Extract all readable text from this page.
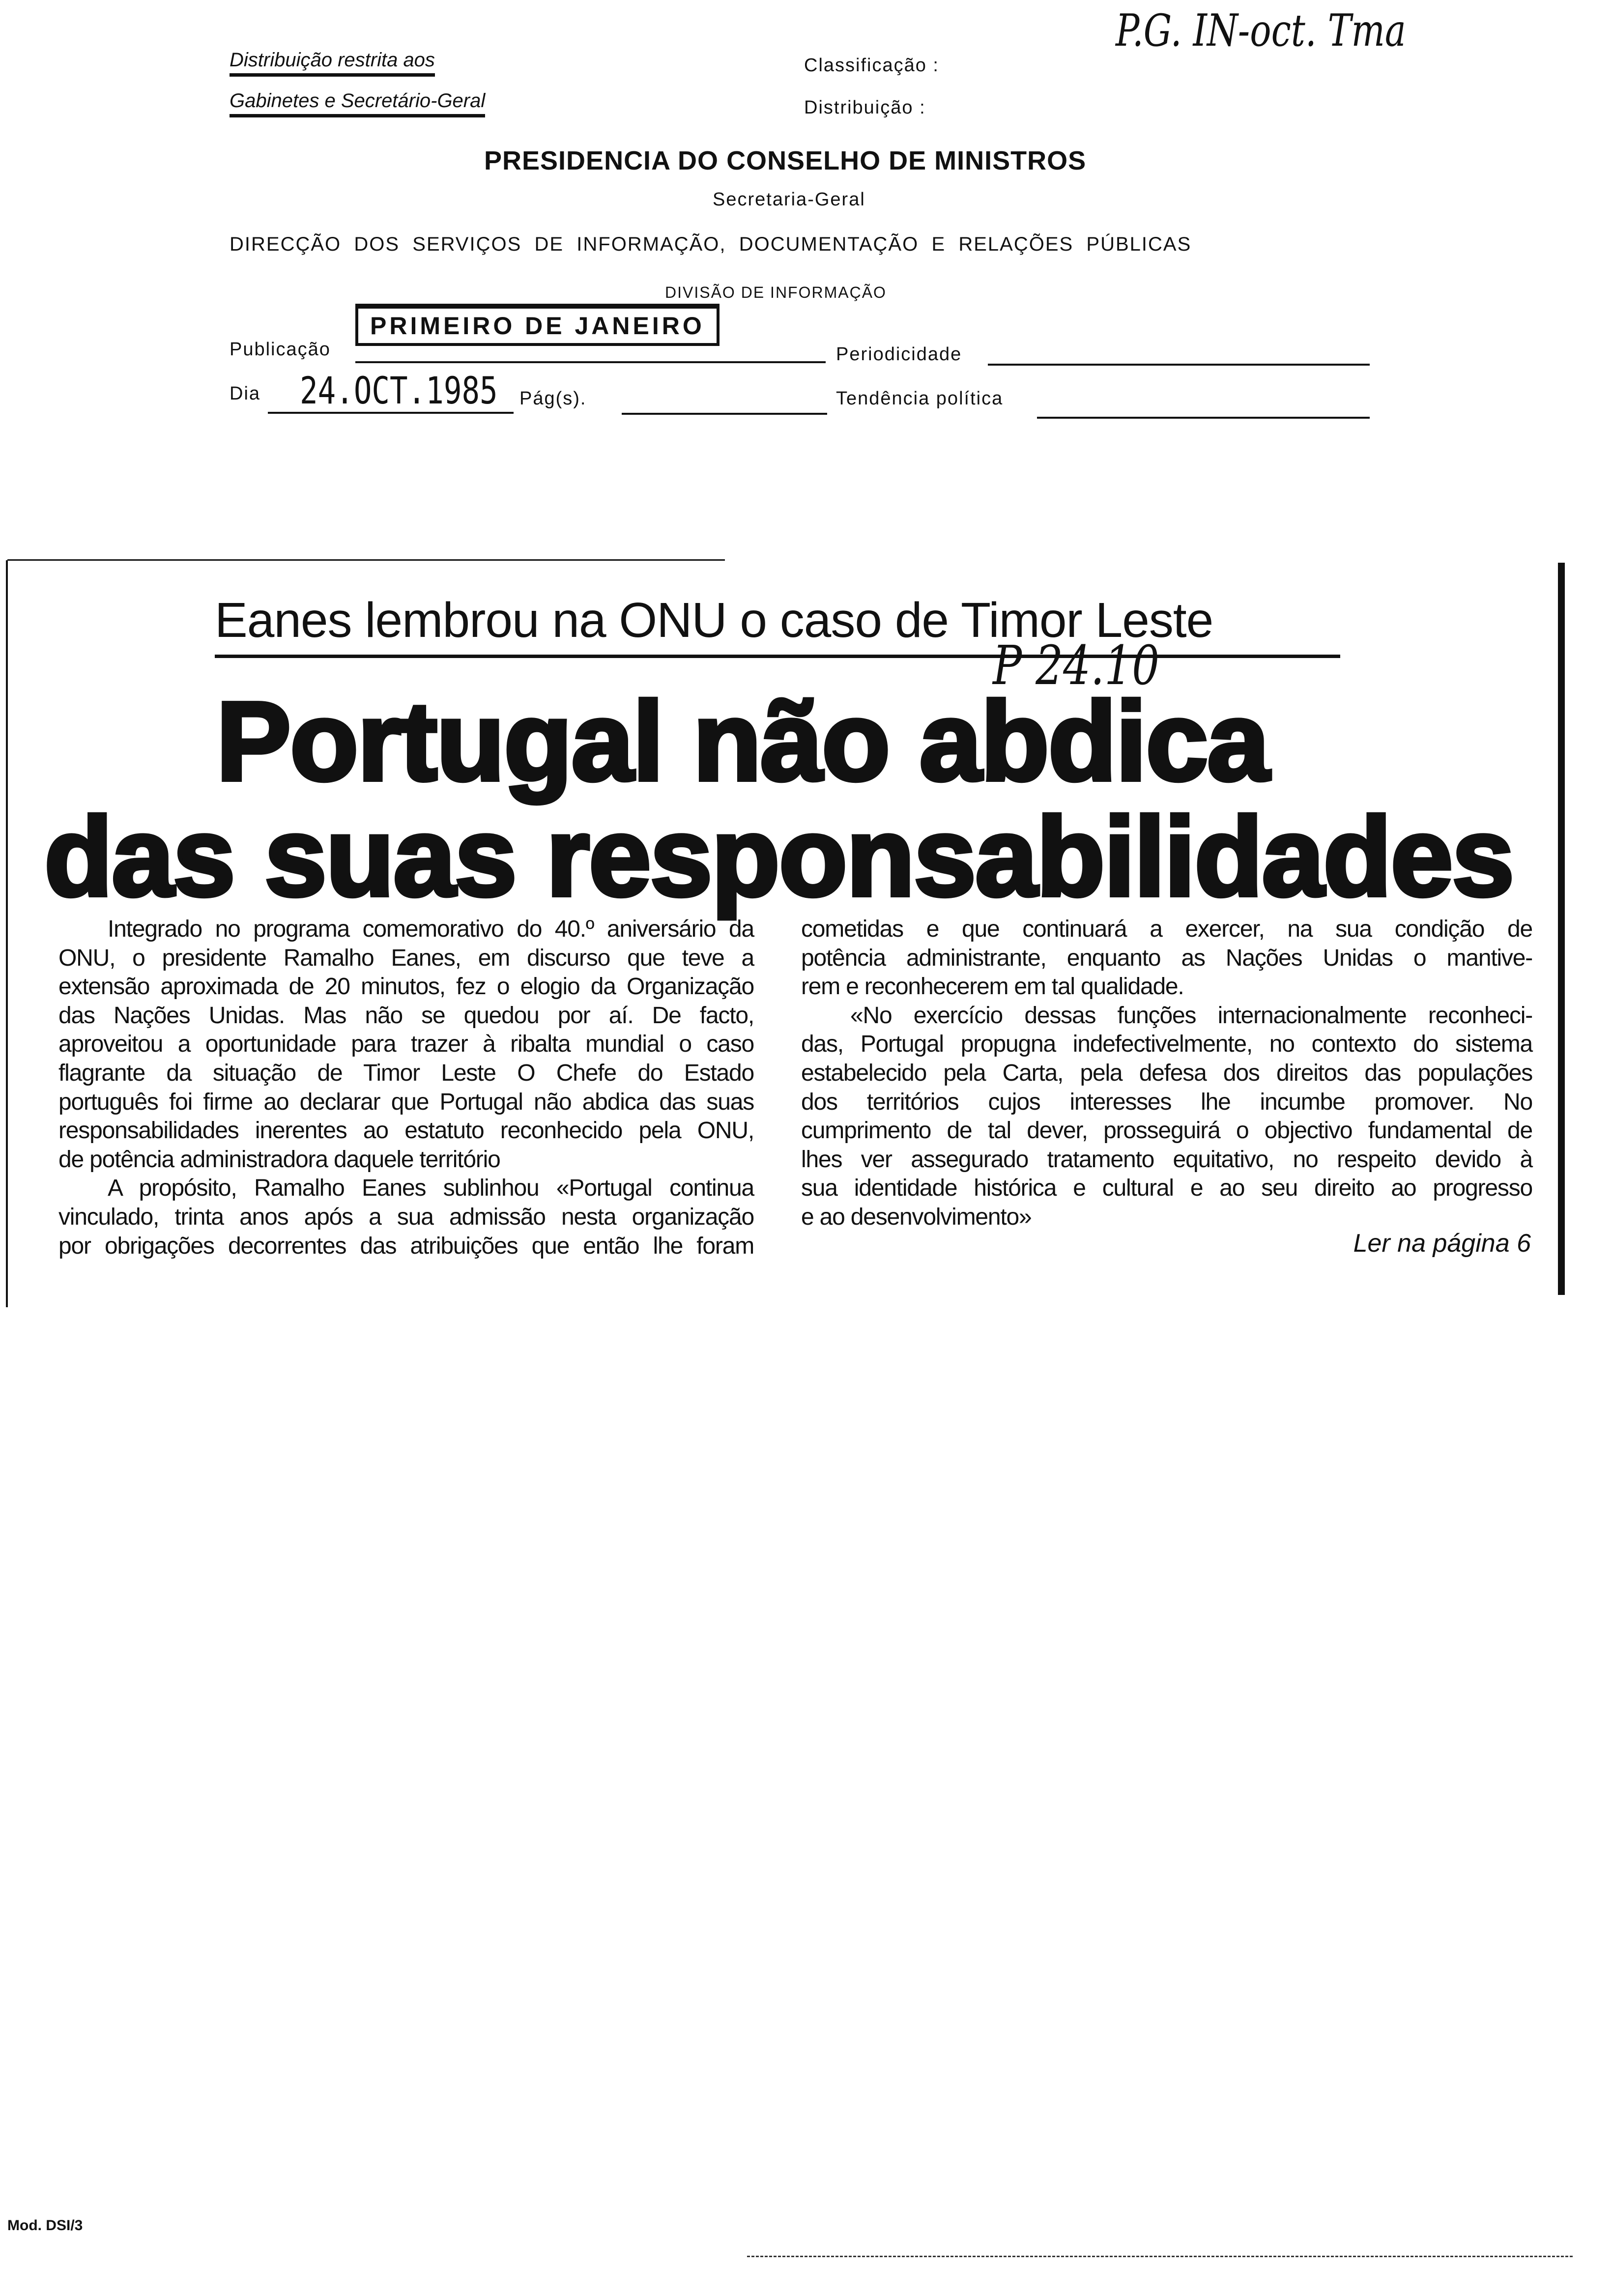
Distribuição restrita aos
Gabinetes e Secretário-Geral
Classificação :
Distribuição :
P.G. IN-oct. Tma
PRESIDENCIA DO CONSELHO DE MINISTROS
Secretaria-Geral
DIRECÇÃO  DOS  SERVIÇOS  DE  INFORMAÇÃO,  DOCUMENTAÇÃO  E  RELAÇÕES  PÚBLICAS
DIVISÃO DE INFORMAÇÃO
Publicação
PRIMEIRO DE JANEIRO
Periodicidade
Dia 24.OCT.1985 Pág(s).	Tendência política
Eanes lembrou na ONU o caso de Timor Leste
P 24.10
Portugal não abdica
das suas responsabilidades
Integrado no programa comemorativo do 40.º aniversário da
ONU, o presidente Ramalho Eanes, em discurso que teve a
extensão aproximada de 20 minutos, fez o elogio da Organização
das Nações Unidas. Mas não se quedou por aí. De facto,
aproveitou a oportunidade para trazer à ribalta mundial o caso
flagrante da situação de Timor Leste O Chefe do Estado
português foi firme ao declarar que Portugal não abdica das suas
responsabilidades inerentes ao estatuto reconhecido pela ONU,
de potência administradora daquele território
A propósito, Ramalho Eanes sublinhou «Portugal continua
vinculado, trinta anos após a sua admissão nesta organização
por obrigações decorrentes das atribuições que então lhe foram
cometidas e que continuará a exercer, na sua condição de
potência administrante, enquanto as Nações Unidas o mantive-
rem e reconhecerem em tal qualidade.
«No exercício dessas funções internacionalmente reconheci-
das, Portugal propugna indefectivelmente, no contexto do sistema
estabelecido pela Carta, pela defesa dos direitos das populações
dos territórios cujos interesses lhe incumbe promover. No
cumprimento de tal dever, prosseguirá o objectivo fundamental de
lhes ver assegurado tratamento equitativo, no respeito devido à
sua identidade histórica e cultural e ao seu direito ao progresso
e ao desenvolvimento»
Ler na página 6
Mod. DSI/3
